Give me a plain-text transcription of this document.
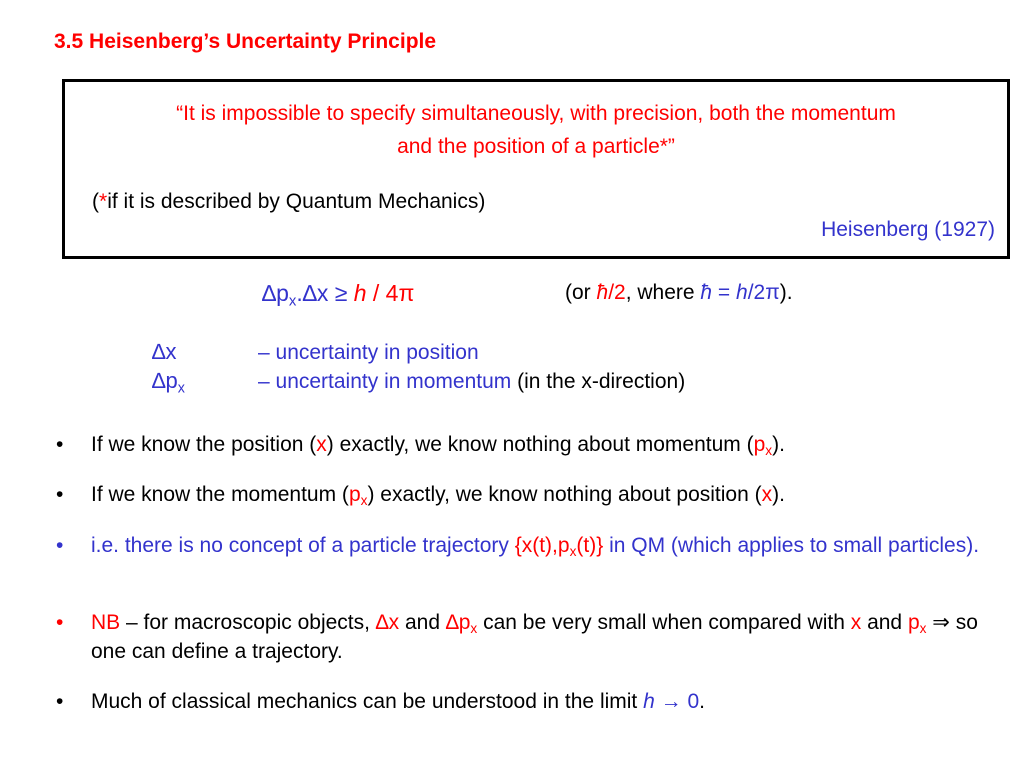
3.5 Heisenberg’s Uncertainty Principle
“It is impossible to specify simultaneously, with precision, both the momentum
and the position of a particle*”
(*if it is described by Quantum Mechanics)
Heisenberg (1927)
$\Delta p_x.\Delta x \ge h / 4\pi$	(or ħ/2, where ħ = h/2π).
∆x	– uncertainty in position
$\Delta p_x$	– uncertainty in momentum (in the x-direction)
• If we know the position (x) exactly, we know nothing about momentum $(p_x)$.
• If we know the momentum $(p_x)$ exactly, we know nothing about position (x).
• i.e. there is no concept of a particle trajectory $\{x(t),p_x(t)\}$ in QM (which applies to small particles).
• NB – for macroscopic objects, ∆x and $\Delta p_x$ can be very small when compared with x and $p_x$ ⇒ so one can define a trajectory.
• Much of classical mechanics can be understood in the limit h → 0.
